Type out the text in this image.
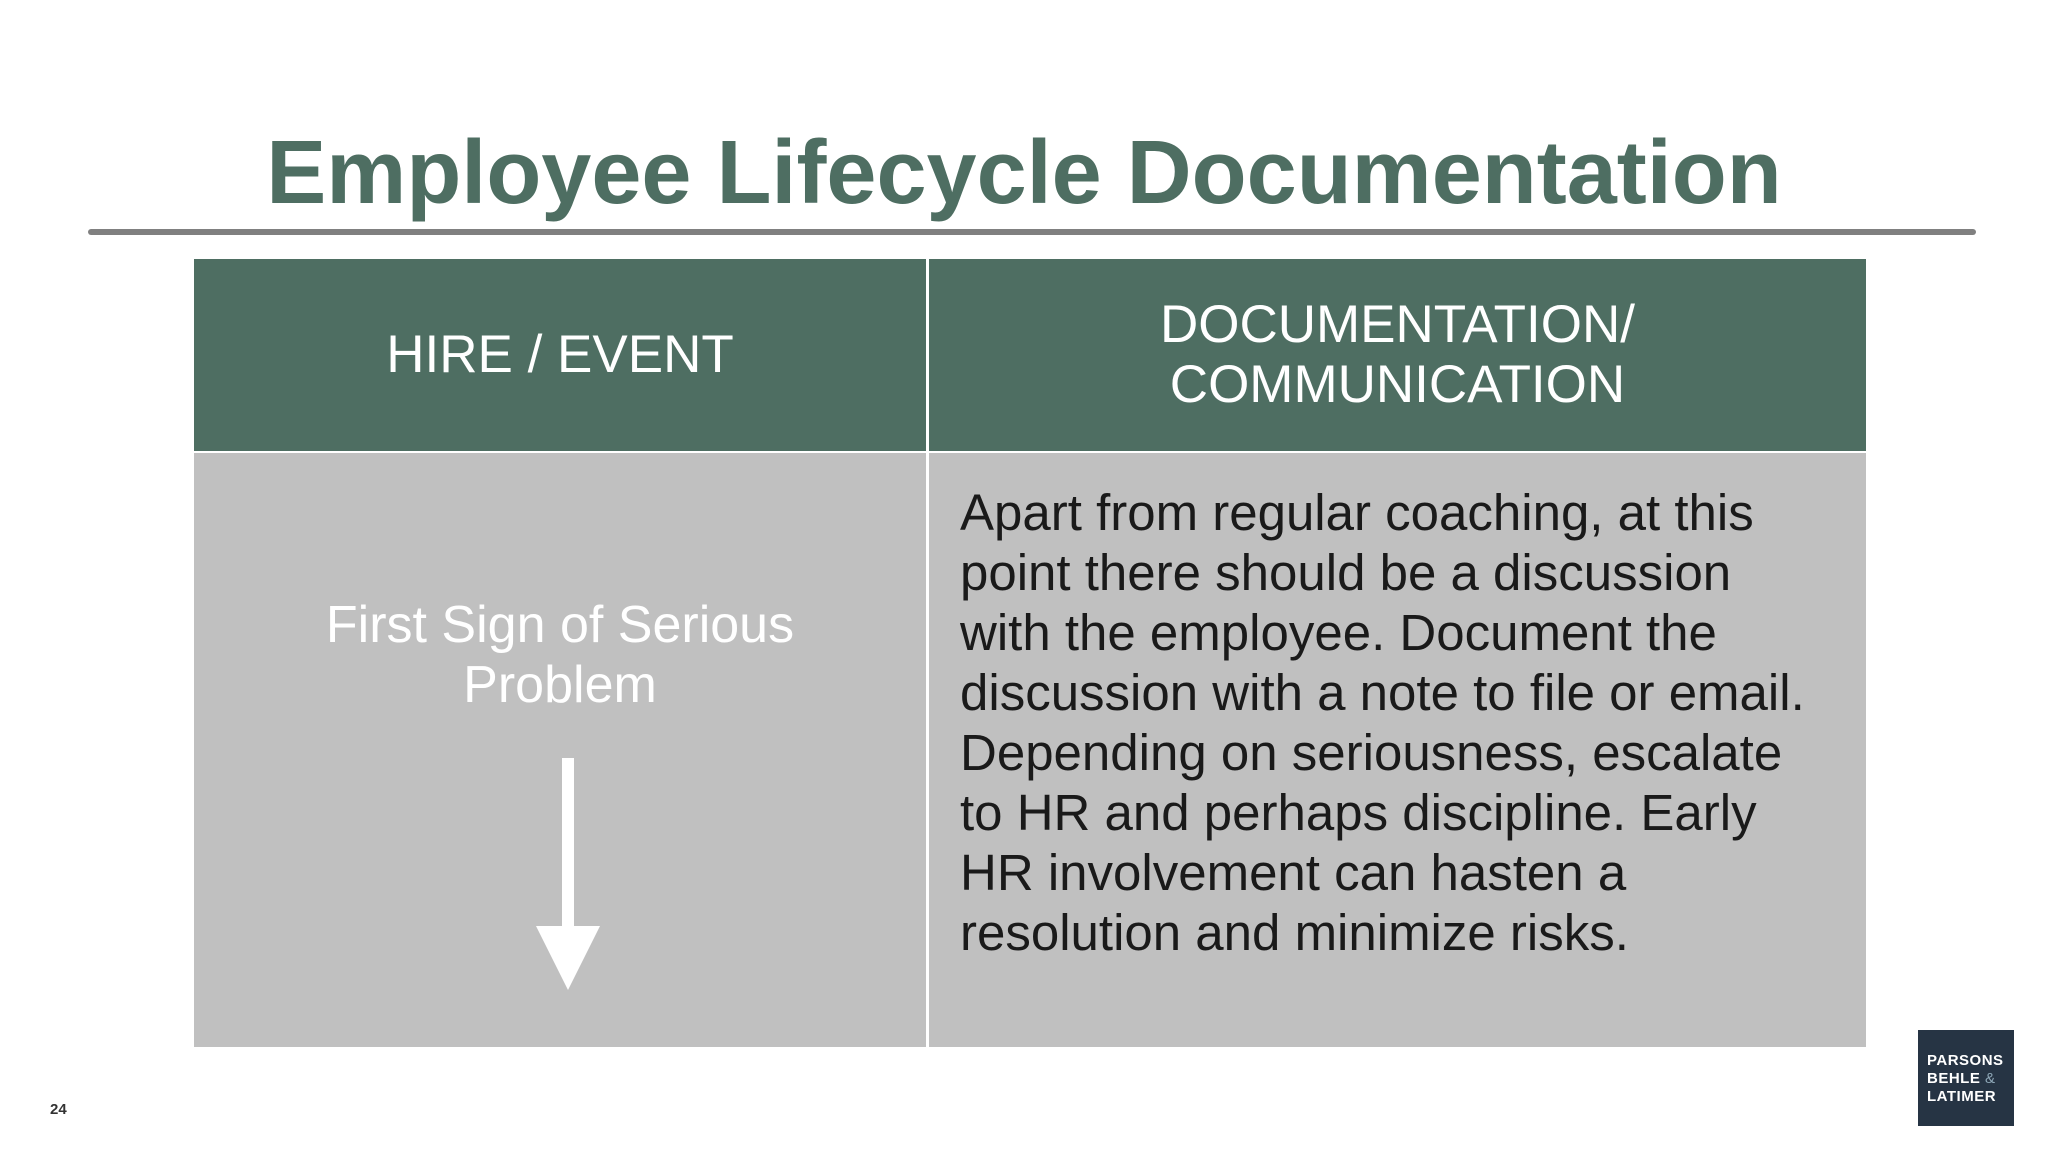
Employee Lifecycle Documentation
HIRE / EVENT
DOCUMENTATION/
COMMUNICATION
First Sign of Serious
Problem
Apart from regular coaching, at this point there should be a discussion with the employee. Document the discussion with a note to file or email. Depending on seriousness, escalate to HR and perhaps discipline. Early HR involvement can hasten a resolution and minimize risks.
24
PARSONS
BEHLE &
LATIMER
